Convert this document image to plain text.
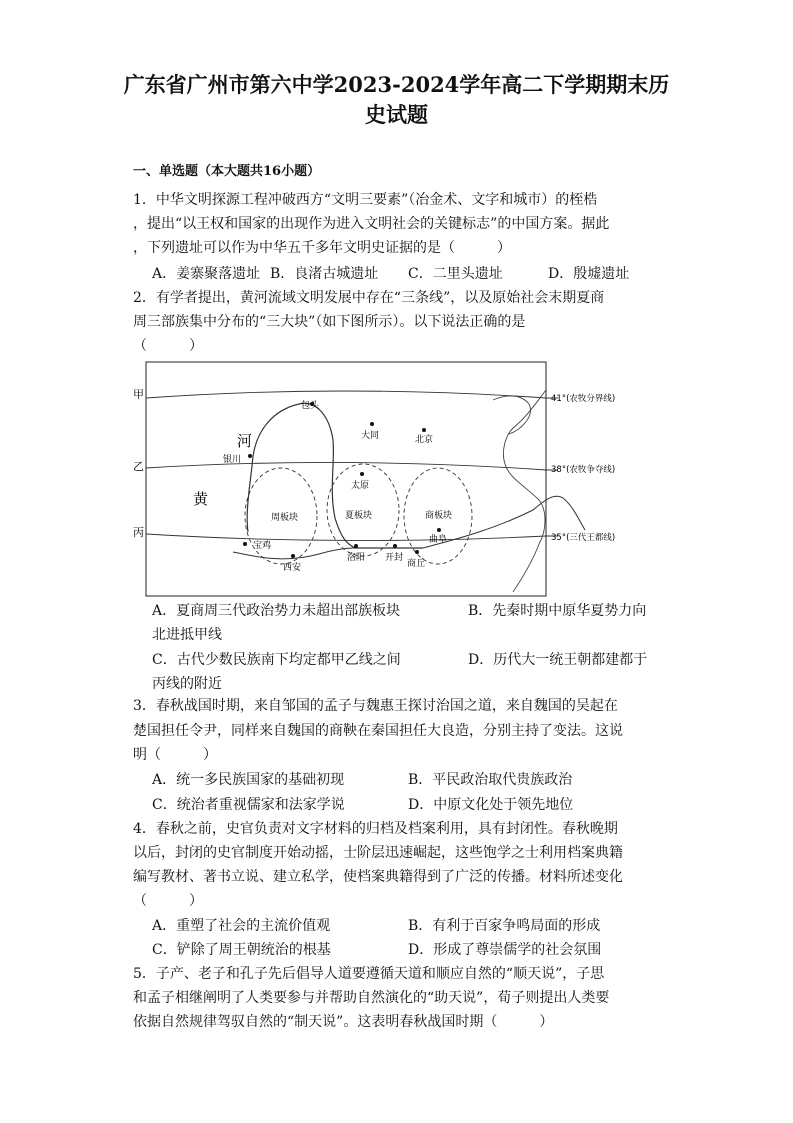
广东省广州市第六中学2023-2024学年高二下学期期末历
史试题
一、单选题（本大题共16小题）
1．中华文明探源工程冲破西方“文明三要素”（冶金术、文字和城市）的桎梏
，提出“以王权和国家的出现作为进入文明社会的关键标志”的中国方案。据此
，下列遗址可以作为中华五千多年文明史证据的是（　　　）
A．姜寨聚落遗址 B．良渚古城遗址 C．二里头遗址	D．殷墟遗址
2．有学者提出，黄河流域文明发展中存在“三条线”，以及原始社会末期夏商
周三部族集中分布的“三大块”（如下图所示）。以下说法正确的是
（　　　）
甲
乙
丙
41°(农牧分界线)
38°(农牧争夺线)
35°(三代王都线)
河
黄
包头
大同	北京
银川
太原
周板块	夏板块	商板块
曲阜
宝鸡
西安
洛阳 开封
商丘
A．夏商周三代政治势力未超出部族板块	B．先秦时期中原华夏势力向
北进抵甲线
C．古代少数民族南下均定都甲乙线之间	D．历代大一统王朝都建都于
丙线的附近
3．春秋战国时期，来自邹国的孟子与魏惠王探讨治国之道，来自魏国的吴起在
楚国担任令尹，同样来自魏国的商鞅在秦国担任大良造，分别主持了变法。这说
明（　　　）
A．统一多民族国家的基础初现	B．平民政治取代贵族政治
C．统治者重视儒家和法家学说	D．中原文化处于领先地位
4．春秋之前，史官负责对文字材料的归档及档案利用，具有封闭性。春秋晚期
以后，封闭的史官制度开始动摇，士阶层迅速崛起，这些饱学之士利用档案典籍
编写教材、著书立说、建立私学，使档案典籍得到了广泛的传播。材料所述变化
（　　　）
A．重塑了社会的主流价值观	B．有利于百家争鸣局面的形成
C．铲除了周王朝统治的根基	D．形成了尊崇儒学的社会氛围
5．子产、老子和孔子先后倡导人道要遵循天道和顺应自然的“顺天说”，子思
和孟子相继阐明了人类要参与并帮助自然演化的“助天说”，荀子则提出人类要
依据自然规律驾驭自然的“制天说”。这表明春秋战国时期（　　　）
